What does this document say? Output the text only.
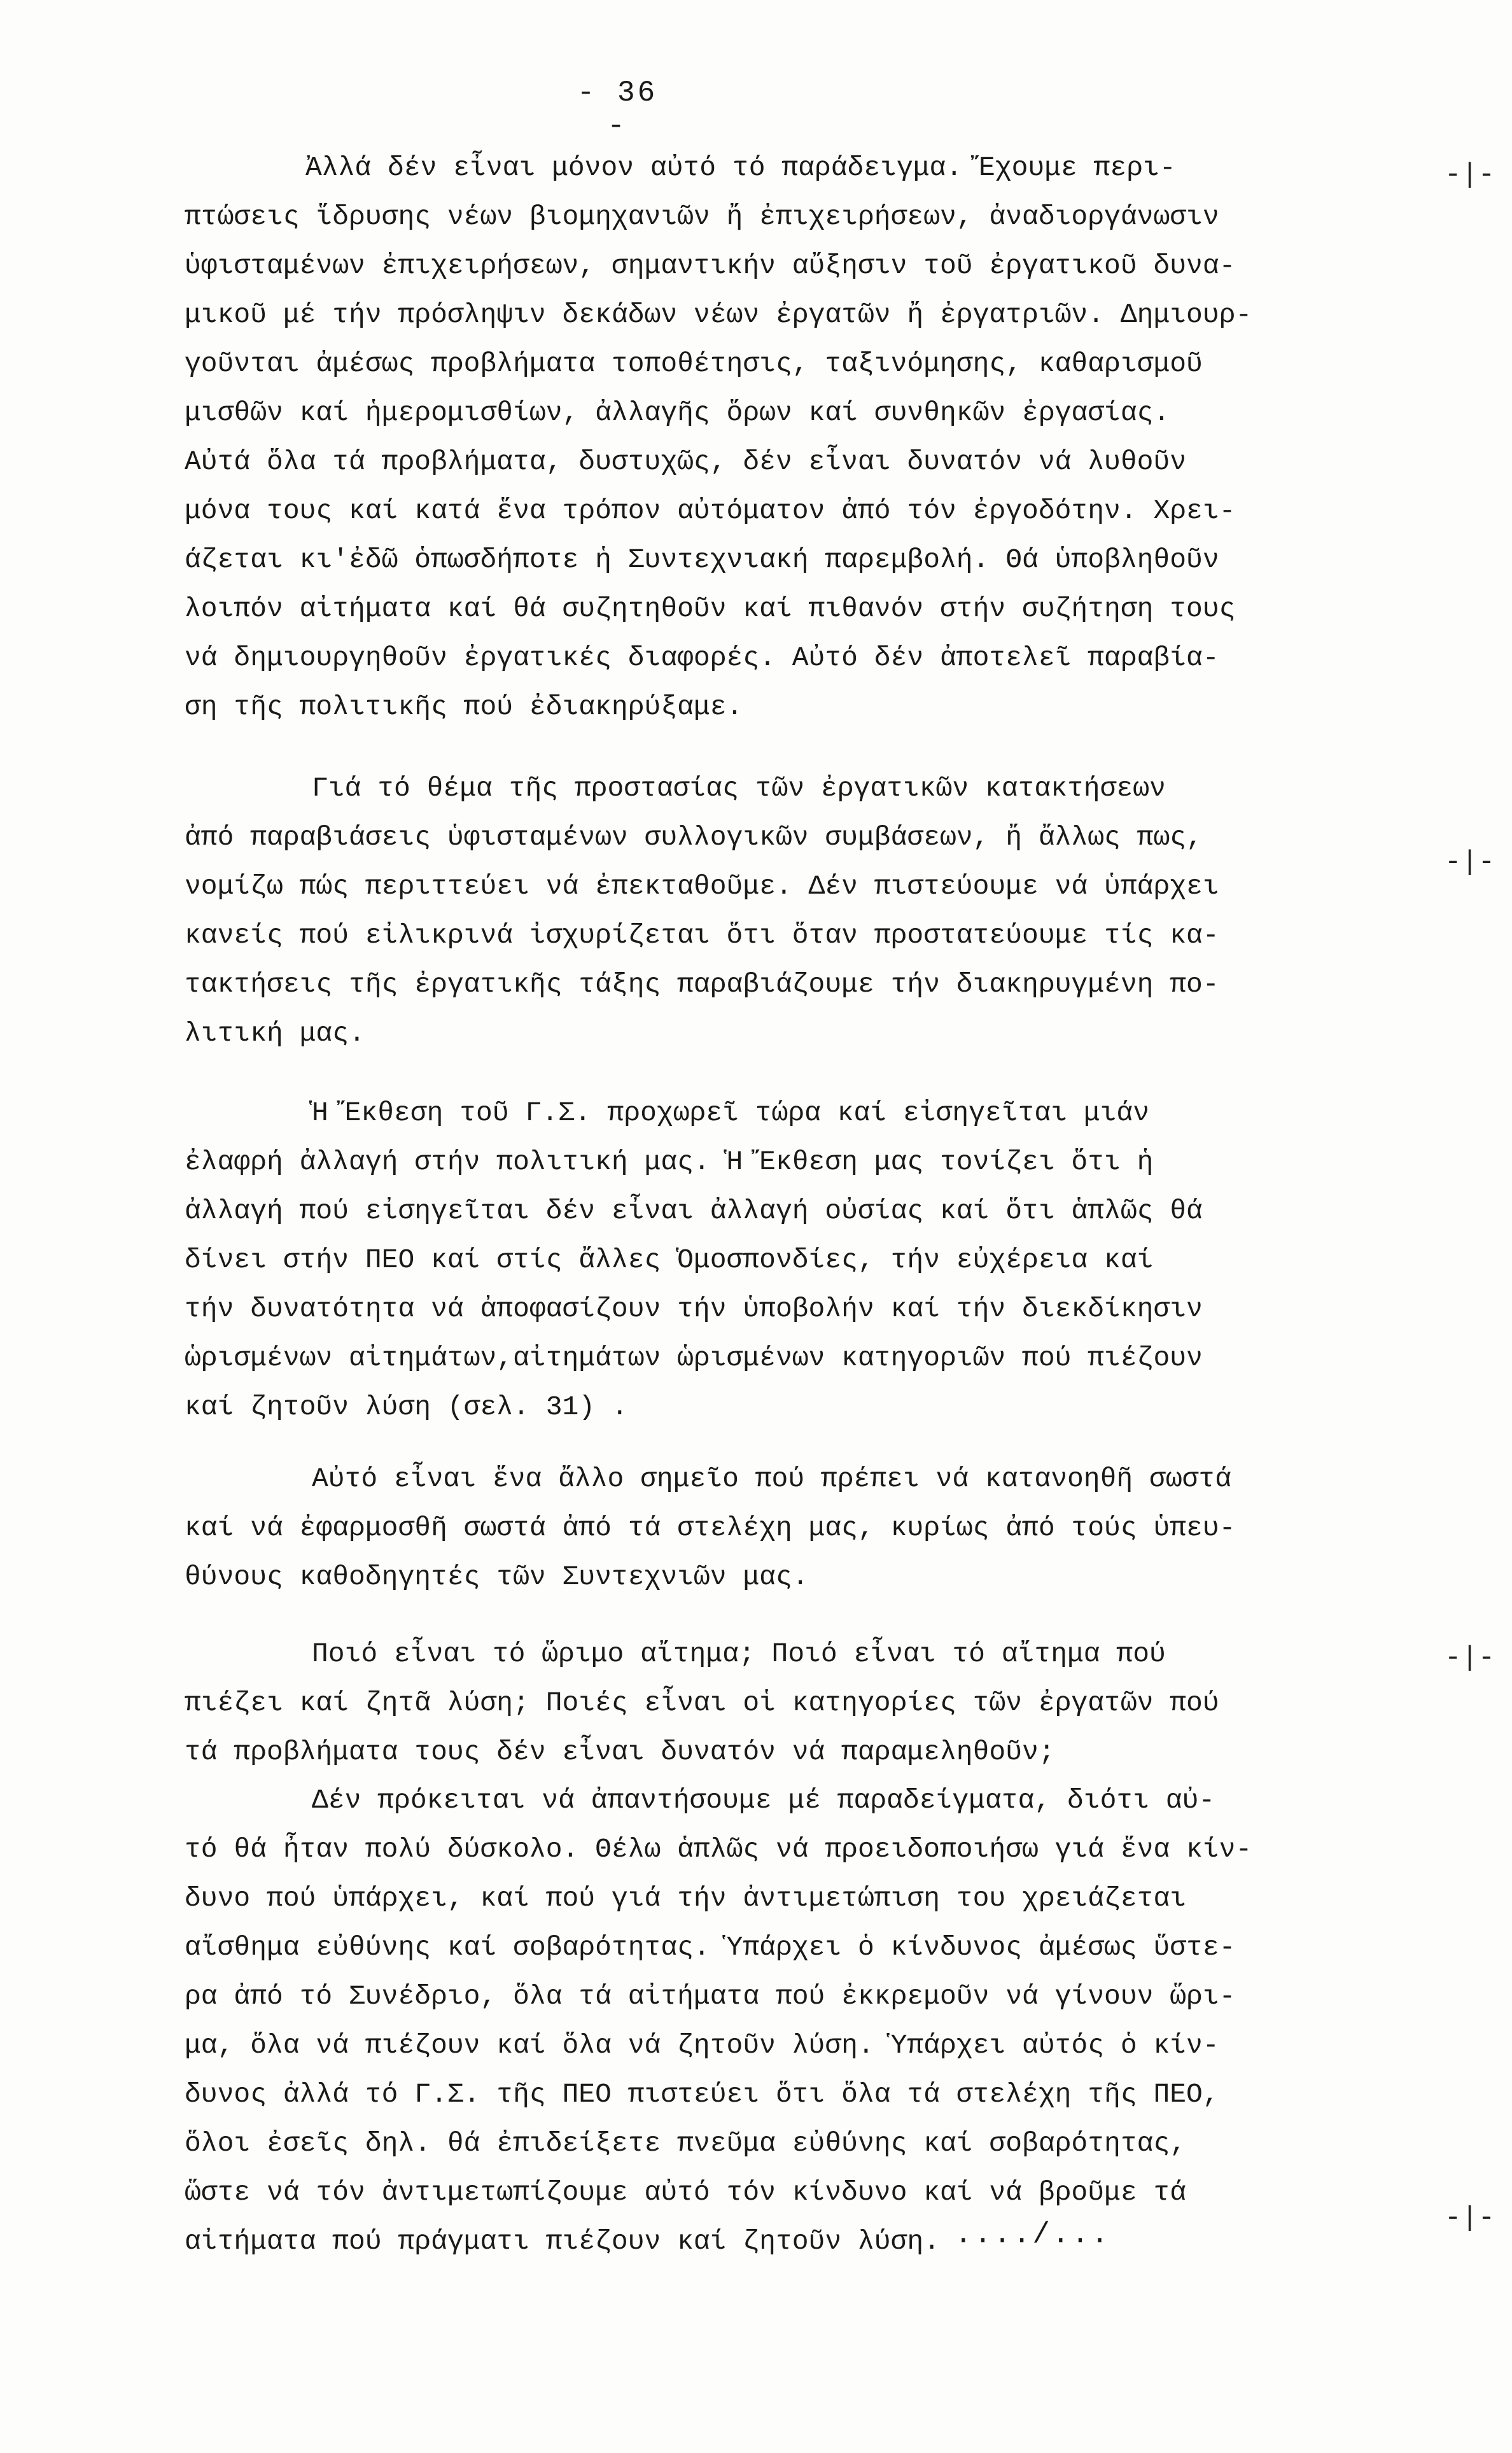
- 36 -
-|-
-|-
-|-
-|-
Ἀλλά δέν εἶναι μόνον αὐτό τό παράδειγμα. Ἔχουμε περι-
πτώσεις ἵδρυσης νέων βιομηχανιῶν ἤ ἐπιχειρήσεων, ἀναδιοργάνωσιν
ὑφισταμένων ἐπιχειρήσεων, σημαντικήν αὔξησιν τοῦ ἐργατικοῦ δυνα-
μικοῦ μέ τήν πρόσληψιν δεκάδων νέων ἐργατῶν ἤ ἐργατριῶν. Δημιουρ-
γοῦνται ἀμέσως προβλήματα τοποθέτησις, ταξινόμησης, καθαρισμοῦ
μισθῶν καί ἡμερομισθίων, ἀλλαγῆς ὅρων καί συνθηκῶν ἐργασίας.
Αὐτά ὅλα τά προβλήματα, δυστυχῶς, δέν εἶναι δυνατόν νά λυθοῦν
μόνα τους καί κατά ἕνα τρόπον αὐτόματον ἀπό τόν ἐργοδότην. Χρει-
άζεται κι'ἐδῶ ὁπωσδήποτε ἡ Συντεχνιακή παρεμβολή. Θά ὑποβληθοῦν
λοιπόν αἰτήματα καί θά συζητηθοῦν καί πιθανόν στήν συζήτηση τους
νά δημιουργηθοῦν ἐργατικές διαφορές. Αὐτό δέν ἀποτελεῖ παραβία-
ση τῆς πολιτικῆς πού ἐδιακηρύξαμε.
Γιά τό θέμα τῆς προστασίας τῶν ἐργατικῶν κατακτήσεων
ἀπό παραβιάσεις ὑφισταμένων συλλογικῶν συμβάσεων, ἤ ἄλλως πως,
νομίζω πώς περιττεύει νά ἐπεκταθοῦμε. Δέν πιστεύουμε νά ὑπάρχει
κανείς πού εἰλικρινά ἰσχυρίζεται ὅτι ὅταν προστατεύουμε τίς κα-
τακτήσεις τῆς ἐργατικῆς τάξης παραβιάζουμε τήν διακηρυγμένη πο-
λιτική μας.
Ἡ Ἔκθεση τοῦ Γ.Σ. προχωρεῖ τώρα καί εἰσηγεῖται μιάν
ἐλαφρή ἀλλαγή στήν πολιτική μας. Ἡ Ἔκθεση μας τονίζει ὅτι ἡ
ἀλλαγή πού εἰσηγεῖται δέν εἶναι ἀλλαγή οὐσίας καί ὅτι ἁπλῶς θά
δίνει στήν ΠΕΟ καί στίς ἄλλες Ὁμοσπονδίες, τήν εὐχέρεια καί
τήν δυνατότητα νά ἀποφασίζουν τήν ὑποβολήν καί τήν διεκδίκησιν
ὡρισμένων αἰτημάτων,αἰτημάτων ὡρισμένων κατηγοριῶν πού πιέζουν
καί ζητοῦν λύση (σελ. 31) .
Αὐτό εἶναι ἕνα ἄλλο σημεῖο πού πρέπει νά κατανοηθῆ σωστά
καί νά ἐφαρμοσθῆ σωστά ἀπό τά στελέχη μας, κυρίως ἀπό τούς ὑπευ-
θύνους καθοδηγητές τῶν Συντεχνιῶν μας.
Ποιό εἶναι τό ὥριμο αἴτημα; Ποιό εἶναι τό αἴτημα πού
πιέζει καί ζητᾶ λύση; Ποιές εἶναι οἱ κατηγορίες τῶν ἐργατῶν πού
τά προβλήματα τους δέν εἶναι δυνατόν νά παραμεληθοῦν;
Δέν πρόκειται νά ἀπαντήσουμε μέ παραδείγματα, διότι αὐ-
τό θά ἦταν πολύ δύσκολο. Θέλω ἁπλῶς νά προειδοποιήσω γιά ἕνα κίν-
δυνο πού ὑπάρχει, καί πού γιά τήν ἀντιμετώπιση του χρειάζεται
αἴσθημα εὐθύνης καί σοβαρότητας. Ὑπάρχει ὁ κίνδυνος ἀμέσως ὕστε-
ρα ἀπό τό Συνέδριο, ὅλα τά αἰτήματα πού ἐκκρεμοῦν νά γίνουν ὥρι-
μα, ὅλα νά πιέζουν καί ὅλα νά ζητοῦν λύση. Ὑπάρχει αὐτός ὁ κίν-
δυνος ἀλλά τό Γ.Σ. τῆς ΠΕΟ πιστεύει ὅτι ὅλα τά στελέχη τῆς ΠΕΟ,
ὅλοι ἐσεῖς δηλ. θά ἐπιδείξετε πνεῦμα εὐθύνης καί σοβαρότητας,
ὥστε νά τόν ἀντιμετωπίζουμε αὐτό τόν κίνδυνο καί νά βροῦμε τά
αἰτήματα πού πράγματι πιέζουν καί ζητοῦν λύση. ..../...
